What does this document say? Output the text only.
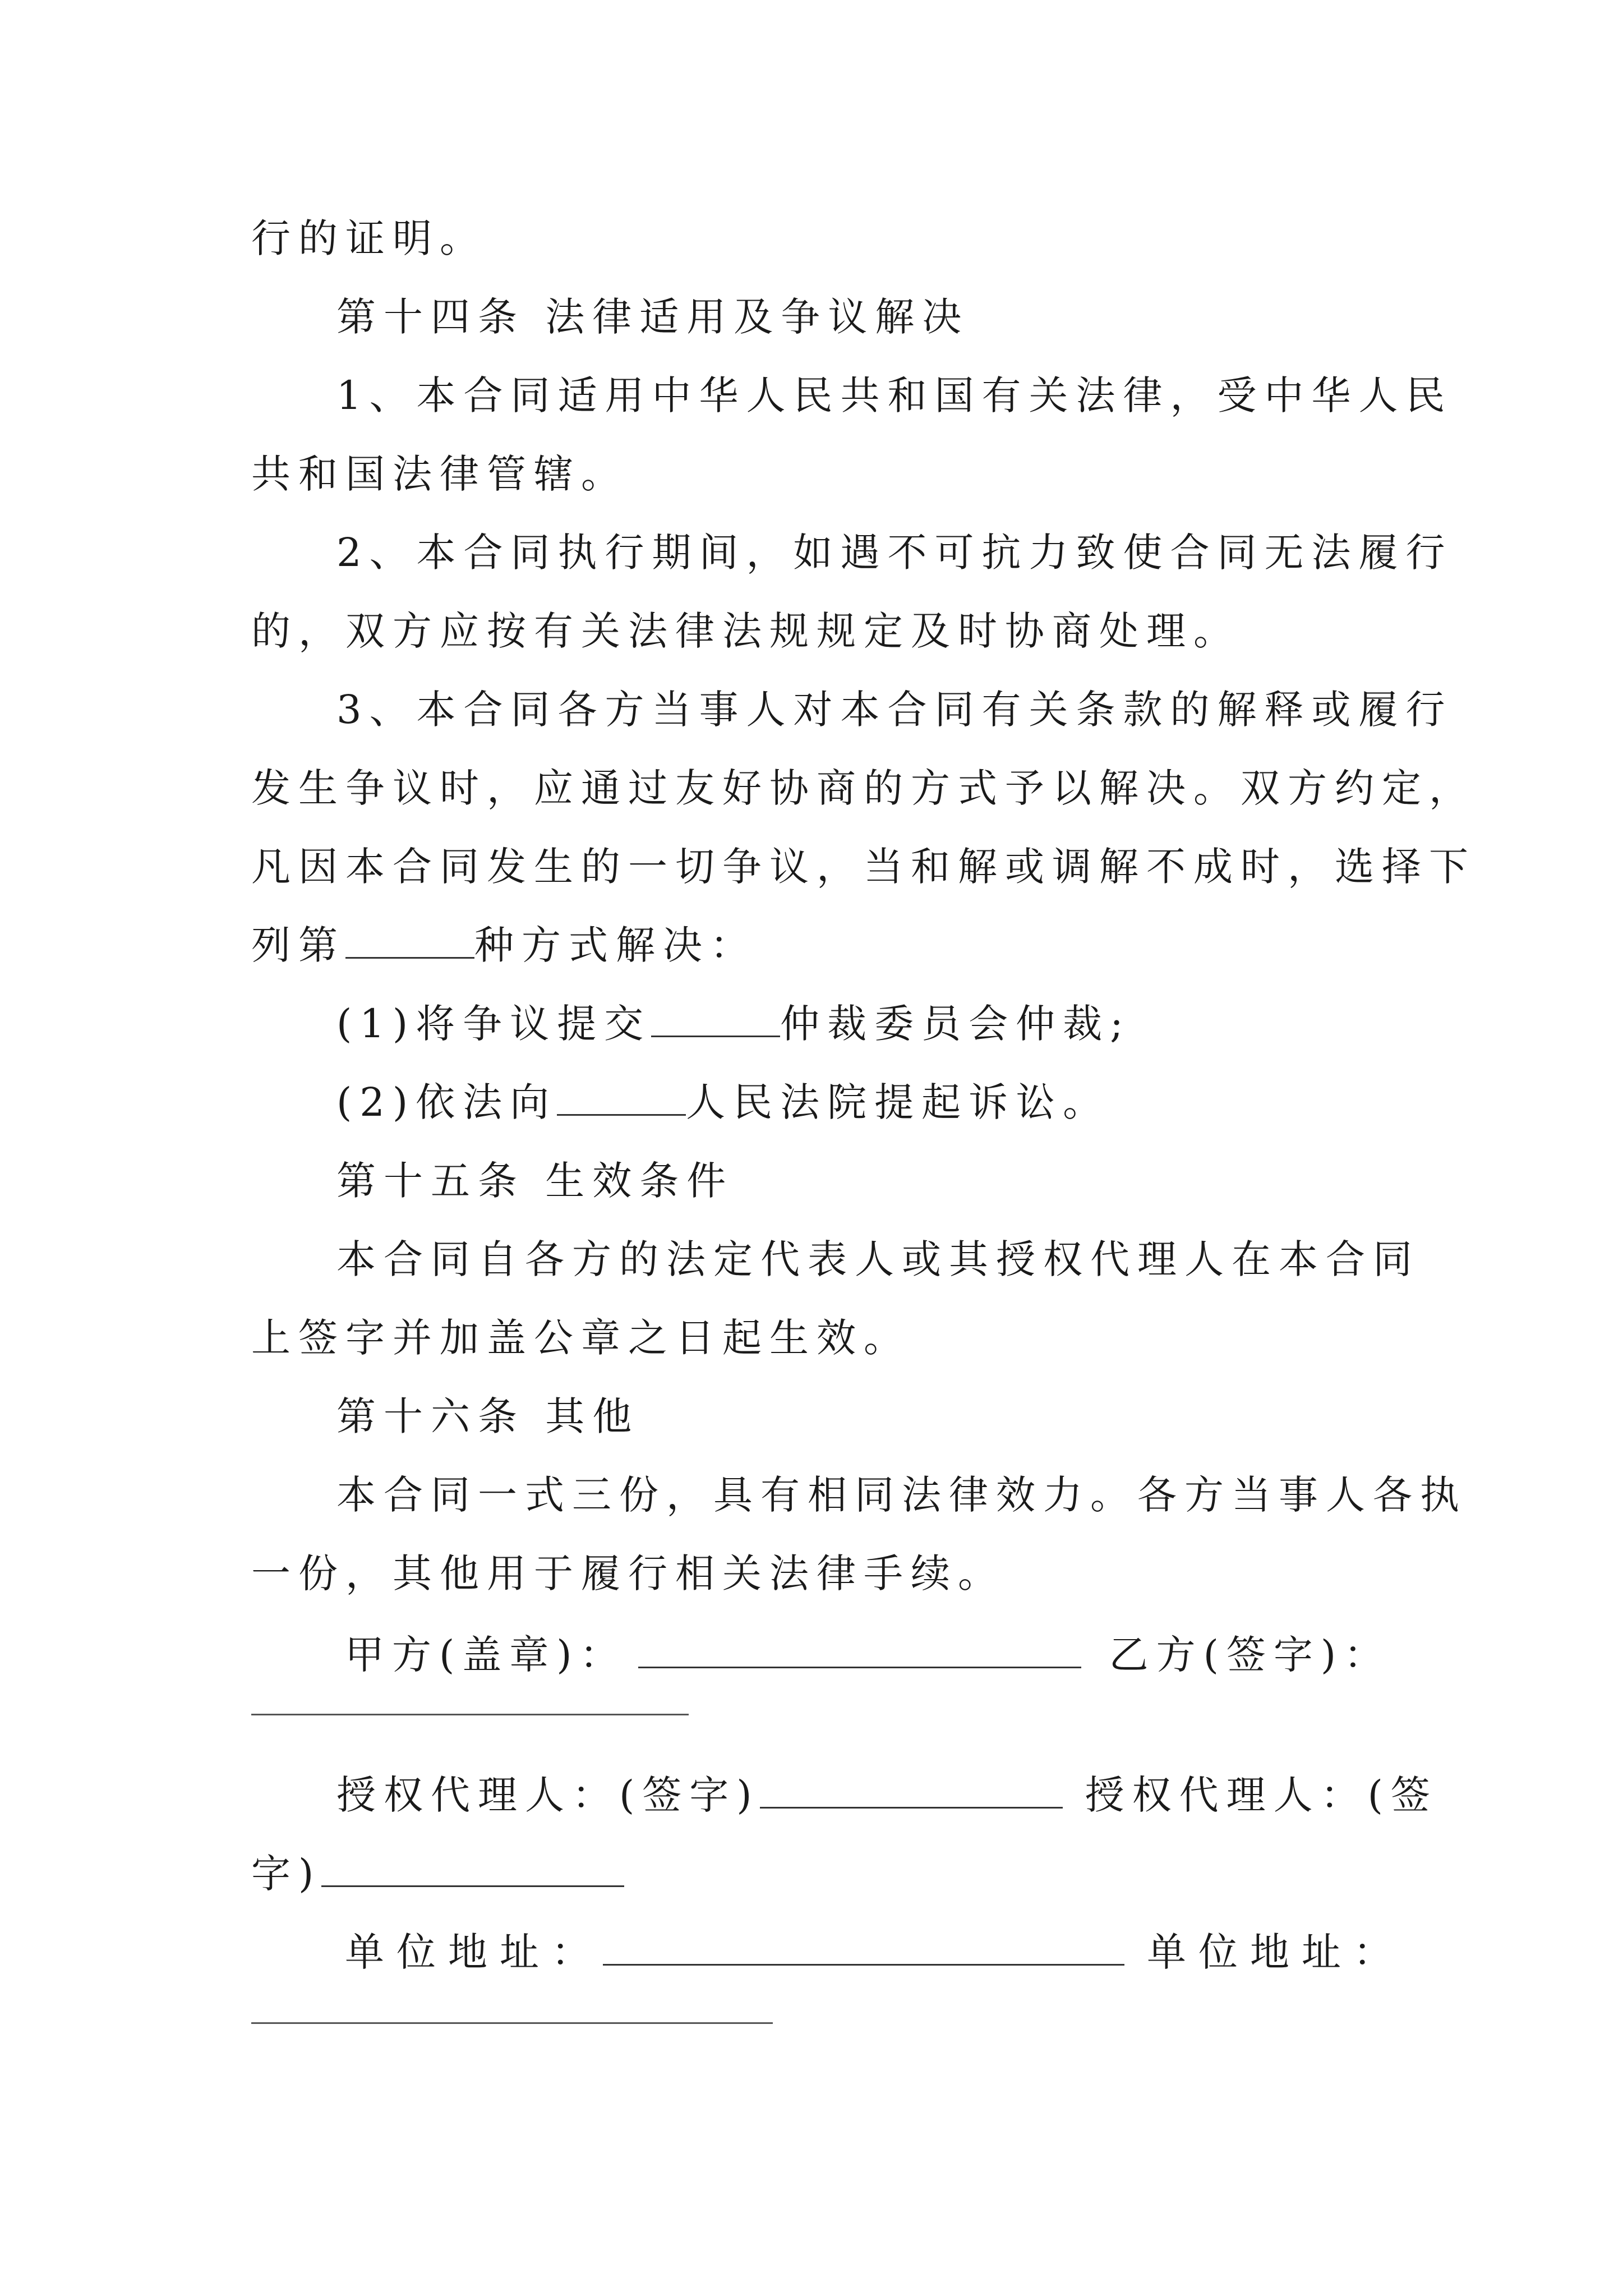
行的证明。
第十四条 法律适用及争议解决
1、本合同适用中华人民共和国有关法律，受中华人民
共和国法律管辖。
2、本合同执行期间，如遇不可抗力致使合同无法履行
的，双方应按有关法律法规规定及时协商处理。
3、本合同各方当事人对本合同有关条款的解释或履行
发生争议时，应通过友好协商的方式予以解决。双方约定，
凡因本合同发生的一切争议，当和解或调解不成时，选择下
列第	种方式解决：
(1)将争议提交	仲裁委员会仲裁;
(2)依法向	人民法院提起诉讼。
第十五条 生效条件
本合同自各方的法定代表人或其授权代理人在本合同
上签字并加盖公章之日起生效。
第十六条 其他
本合同一式三份，具有相同法律效力。各方当事人各执
一份，其他用于履行相关法律手续。
甲方(盖章)：	乙方(签字)：
授权代理人：(签字)	授权代理人：(签
字)
单位地址：	单位地址：
